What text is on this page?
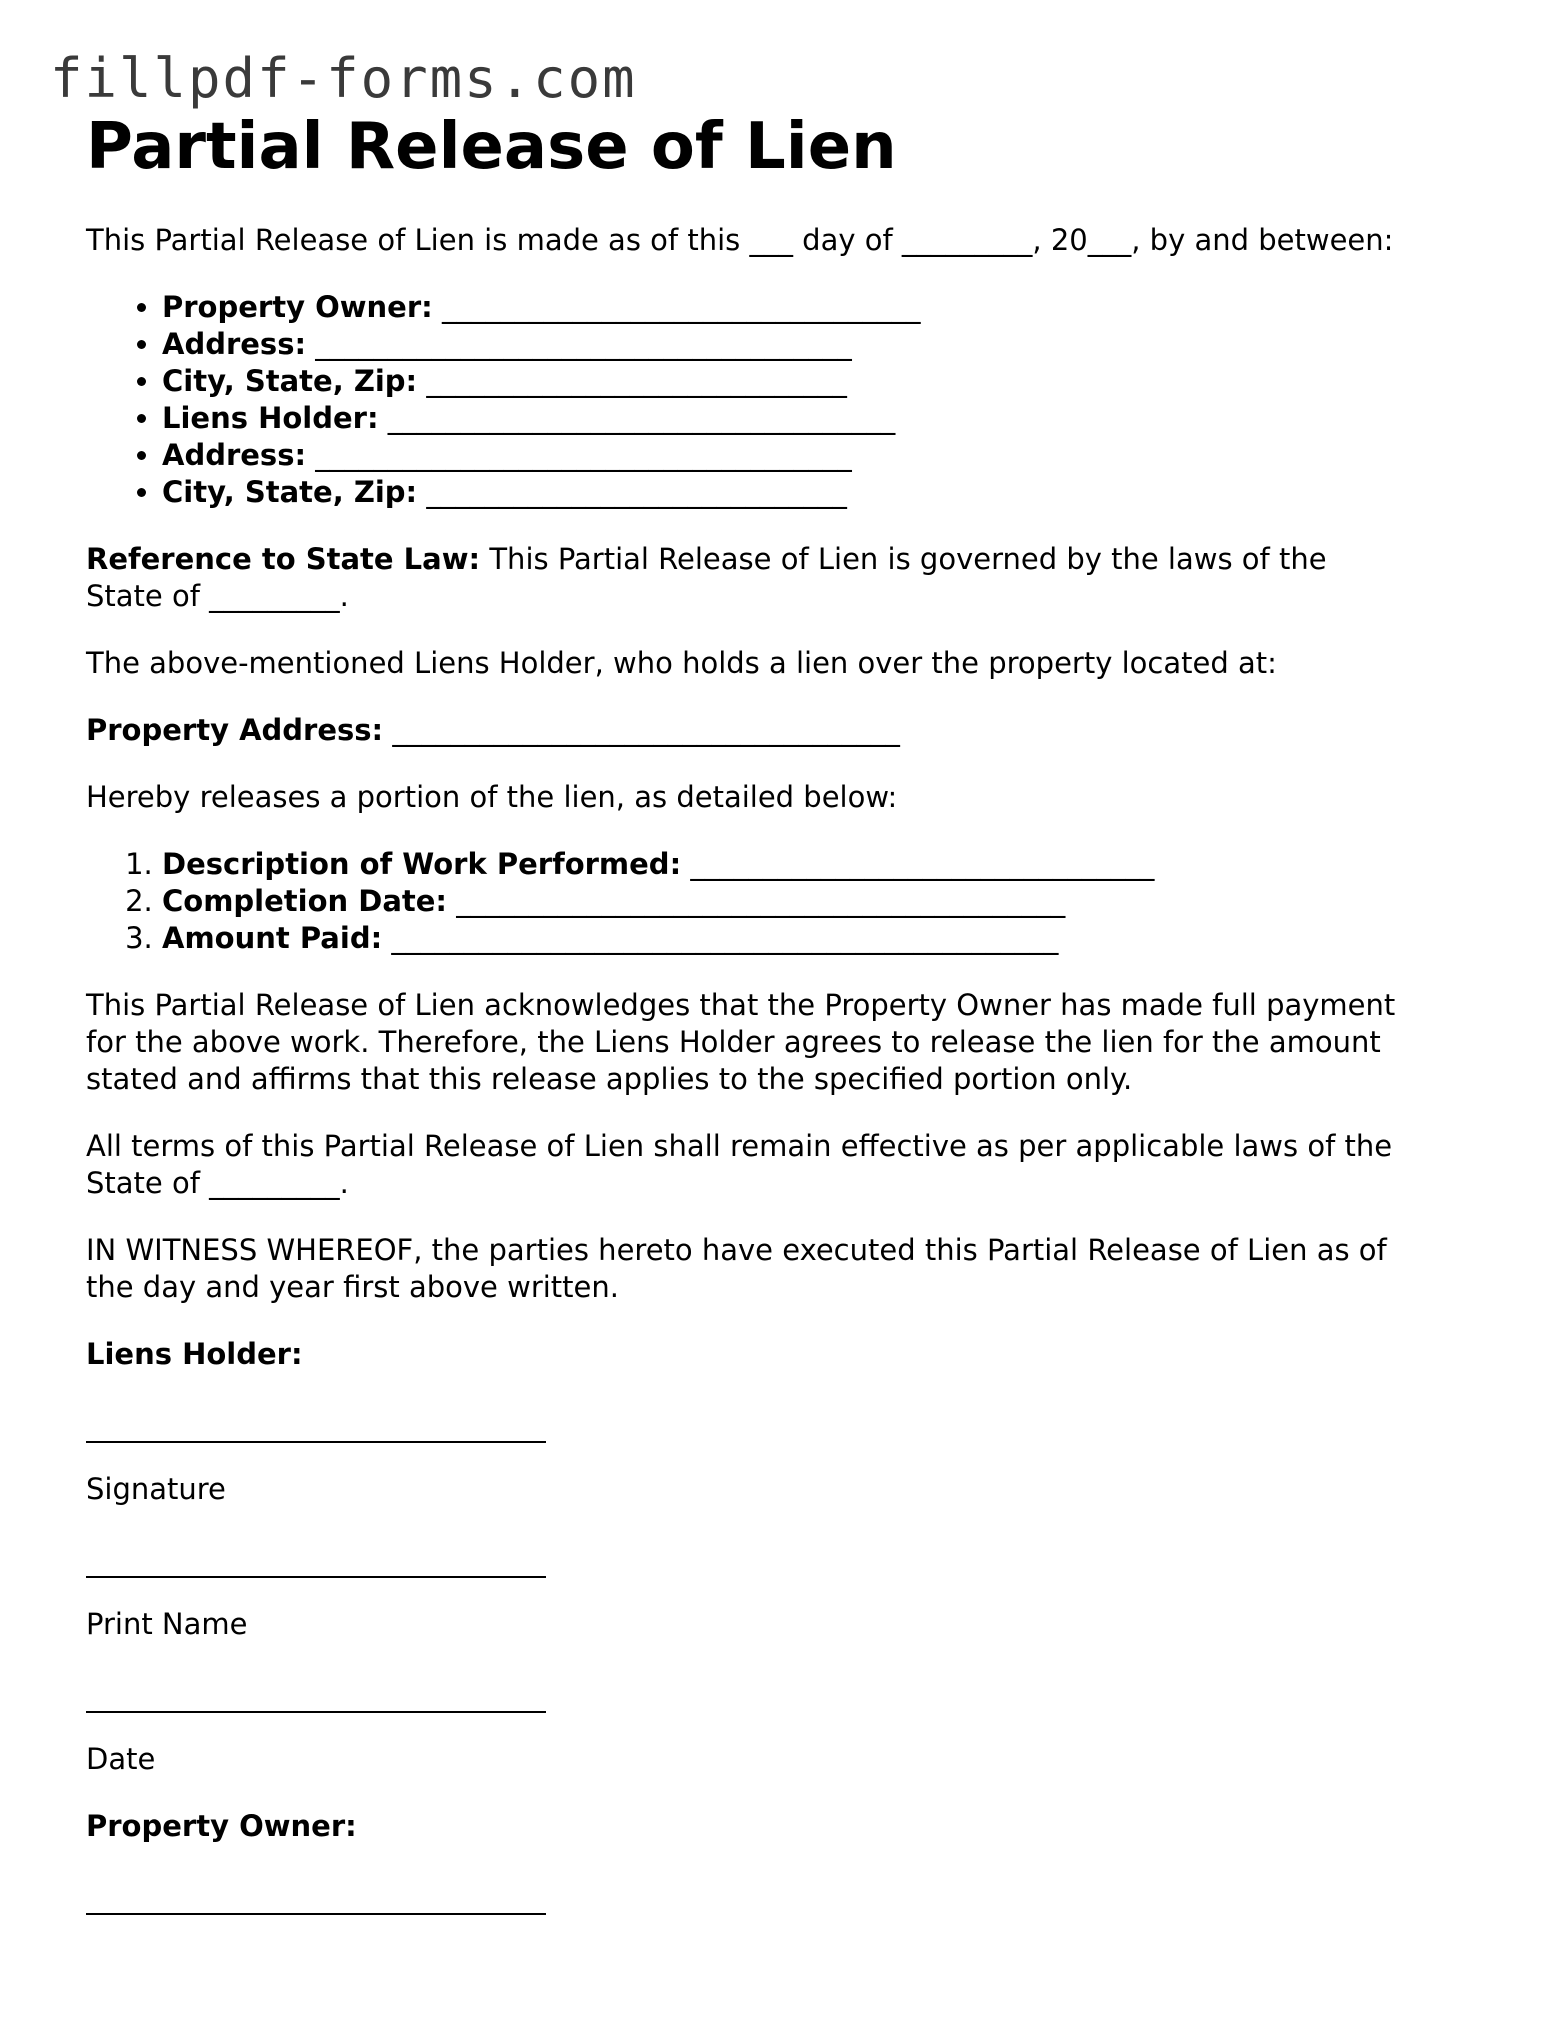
fillpdf-forms.com
Partial Release of Lien

This Partial Release of Lien is made as of this ___ day of _________, 20___, by and between:

• Property Owner: _________________________________
• Address: _____________________________________
• City, State, Zip: _____________________________
• Liens Holder: ___________________________________
• Address: _____________________________________
• City, State, Zip: _____________________________

Reference to State Law: This Partial Release of Lien is governed by the laws of the

State of _________.

The above-mentioned Liens Holder, who holds a lien over the property located at:

Property Address: ___________________________________

Hereby releases a portion of the lien, as detailed below:

1. Description of Work Performed: ________________________________
2. Completion Date: __________________________________________
3. Amount Paid: ______________________________________________

This Partial Release of Lien acknowledges that the Property Owner has made full payment

for the above work. Therefore, the Liens Holder agrees to release the lien for the amount

stated and affirms that this release applies to the specified portion only.

All terms of this Partial Release of Lien shall remain effective as per applicable laws of the

State of _________.

IN WITNESS WHEREOF, the parties hereto have executed this Partial Release of Lien as of

the day and year first above written.

Liens Holder:

Signature

Print Name

Date

Property Owner:
